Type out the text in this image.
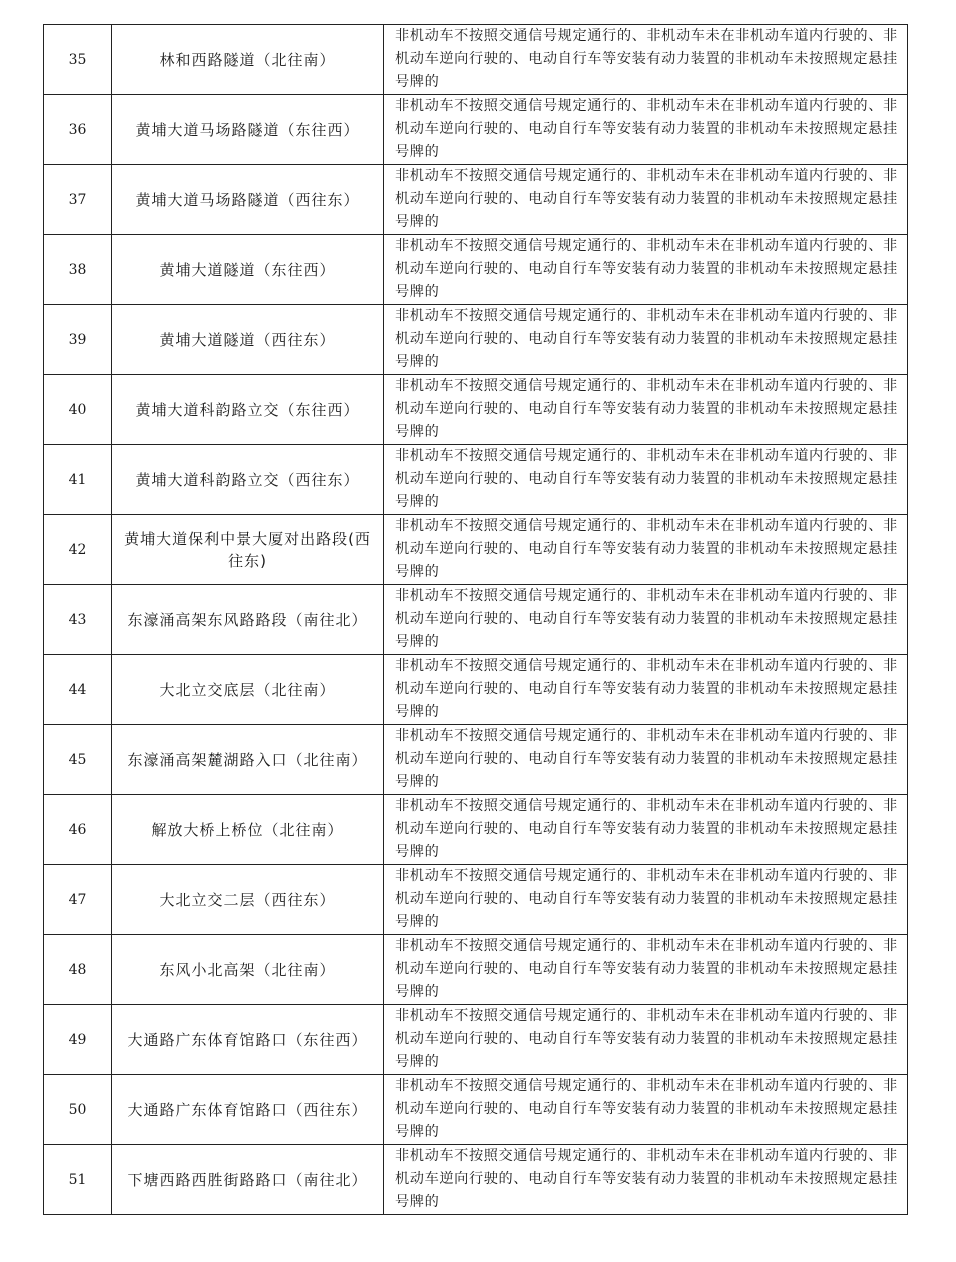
35	林和西路隧道（北往南）	非机动车不按照交通信号规定通行的、非机动车未在非机动车道内行驶的、非机动车逆向行驶的、电动自行车等安装有动力装置的非机动车未按照规定悬挂号牌的
36	黄埔大道马场路隧道（东往西）	非机动车不按照交通信号规定通行的、非机动车未在非机动车道内行驶的、非机动车逆向行驶的、电动自行车等安装有动力装置的非机动车未按照规定悬挂号牌的
37	黄埔大道马场路隧道（西往东）	非机动车不按照交通信号规定通行的、非机动车未在非机动车道内行驶的、非机动车逆向行驶的、电动自行车等安装有动力装置的非机动车未按照规定悬挂号牌的
38	黄埔大道隧道（东往西）	非机动车不按照交通信号规定通行的、非机动车未在非机动车道内行驶的、非机动车逆向行驶的、电动自行车等安装有动力装置的非机动车未按照规定悬挂号牌的
39	黄埔大道隧道（西往东）	非机动车不按照交通信号规定通行的、非机动车未在非机动车道内行驶的、非机动车逆向行驶的、电动自行车等安装有动力装置的非机动车未按照规定悬挂号牌的
40	黄埔大道科韵路立交（东往西）	非机动车不按照交通信号规定通行的、非机动车未在非机动车道内行驶的、非机动车逆向行驶的、电动自行车等安装有动力装置的非机动车未按照规定悬挂号牌的
41	黄埔大道科韵路立交（西往东）	非机动车不按照交通信号规定通行的、非机动车未在非机动车道内行驶的、非机动车逆向行驶的、电动自行车等安装有动力装置的非机动车未按照规定悬挂号牌的
42	黄埔大道保利中景大厦对出路段(西往东)	非机动车不按照交通信号规定通行的、非机动车未在非机动车道内行驶的、非机动车逆向行驶的、电动自行车等安装有动力装置的非机动车未按照规定悬挂号牌的
43	东濠涌高架东风路路段（南往北）	非机动车不按照交通信号规定通行的、非机动车未在非机动车道内行驶的、非机动车逆向行驶的、电动自行车等安装有动力装置的非机动车未按照规定悬挂号牌的
44	大北立交底层（北往南）	非机动车不按照交通信号规定通行的、非机动车未在非机动车道内行驶的、非机动车逆向行驶的、电动自行车等安装有动力装置的非机动车未按照规定悬挂号牌的
45	东濠涌高架麓湖路入口（北往南）	非机动车不按照交通信号规定通行的、非机动车未在非机动车道内行驶的、非机动车逆向行驶的、电动自行车等安装有动力装置的非机动车未按照规定悬挂号牌的
46	解放大桥上桥位（北往南）	非机动车不按照交通信号规定通行的、非机动车未在非机动车道内行驶的、非机动车逆向行驶的、电动自行车等安装有动力装置的非机动车未按照规定悬挂号牌的
47	大北立交二层（西往东）	非机动车不按照交通信号规定通行的、非机动车未在非机动车道内行驶的、非机动车逆向行驶的、电动自行车等安装有动力装置的非机动车未按照规定悬挂号牌的
48	东风小北高架（北往南）	非机动车不按照交通信号规定通行的、非机动车未在非机动车道内行驶的、非机动车逆向行驶的、电动自行车等安装有动力装置的非机动车未按照规定悬挂号牌的
49	大通路广东体育馆路口（东往西）	非机动车不按照交通信号规定通行的、非机动车未在非机动车道内行驶的、非机动车逆向行驶的、电动自行车等安装有动力装置的非机动车未按照规定悬挂号牌的
50	大通路广东体育馆路口（西往东）	非机动车不按照交通信号规定通行的、非机动车未在非机动车道内行驶的、非机动车逆向行驶的、电动自行车等安装有动力装置的非机动车未按照规定悬挂号牌的
51	下塘西路西胜街路路口（南往北）	非机动车不按照交通信号规定通行的、非机动车未在非机动车道内行驶的、非机动车逆向行驶的、电动自行车等安装有动力装置的非机动车未按照规定悬挂号牌的
